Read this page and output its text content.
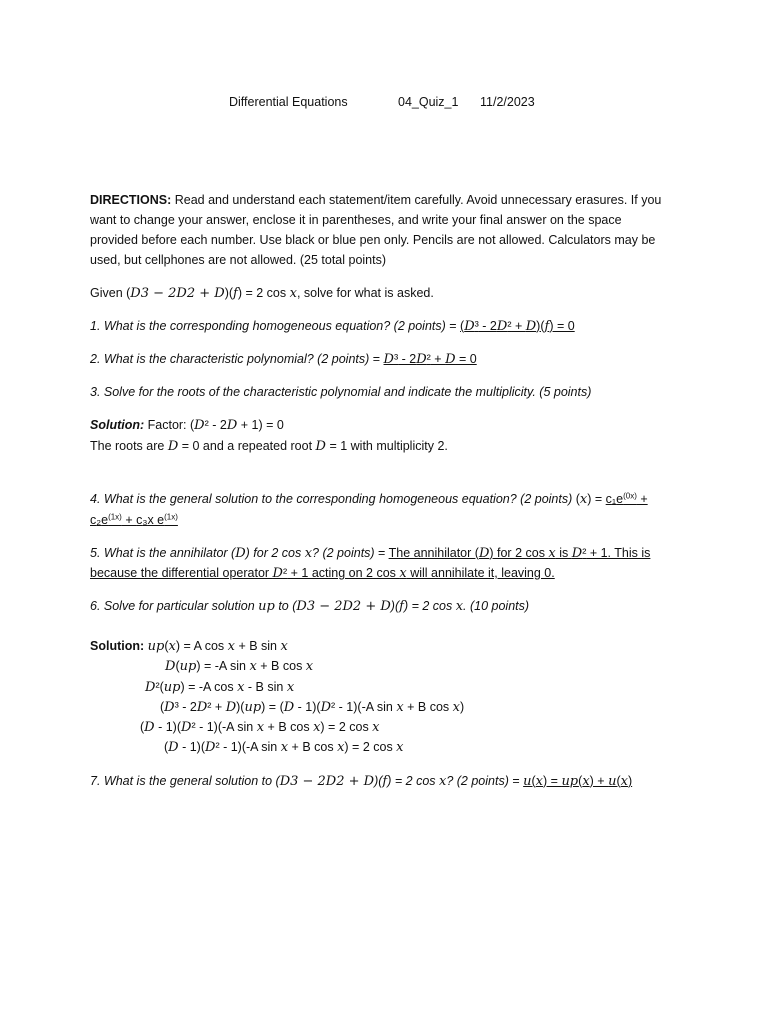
Differential Equations	04_Quiz_1 11/2/2023
DIRECTIONS: Read and understand each statement/item carefully. Avoid unnecessary erasures. If you
want to change your answer, enclose it in parentheses, and write your final answer on the space
provided before each number. Use black or blue pen only. Pencils are not allowed. Calculators may be
used, but cellphones are not allowed. (25 total points)
Given (D3 − 2D2 + D)(f) = 2 cos x, solve for what is asked.
1. What is the corresponding homogeneous equation? (2 points) = (D³ - 2D² + D)(f) = 0
2. What is the characteristic polynomial? (2 points) = D³ - 2D² + D = 0
3. Solve for the roots of the characteristic polynomial and indicate the multiplicity. (5 points)
Solution: Factor: (D² - 2D + 1) = 0
The roots are D = 0 and a repeated root D = 1 with multiplicity 2.
4. What is the general solution to the corresponding homogeneous equation? (2 points) $(x) = c_1e^{(0x)}$ +
$c_2e^{(1x)} + c_3x$ $e^{(1x)}$
5. What is the annihilator (D) for 2 cos x? (2 points) = The annihilator (D) for 2 cos x is D² + 1. This is
because the differential operator D² + 1 acting on 2 cos x will annihilate it, leaving 0.
6. Solve for particular solution up to (D3 − 2D2 + D)(f) = 2 cos x. (10 points)
Solution: up(x) = A cos x + B sin x
D(up) = -A sin x + B cos x
D²(up) = -A cos x - B sin x
(D³ - 2D² + D)(up) = (D - 1)(D² - 1)(-A sin x + B cos x)
(D - 1)(D² - 1)(-A sin x + B cos x) = 2 cos x
(D - 1)(D² - 1)(-A sin x + B cos x) = 2 cos x
7. What is the general solution to (D3 − 2D2 + D)(f) = 2 cos x? (2 points) = u(x) = up(x) + u(x)
